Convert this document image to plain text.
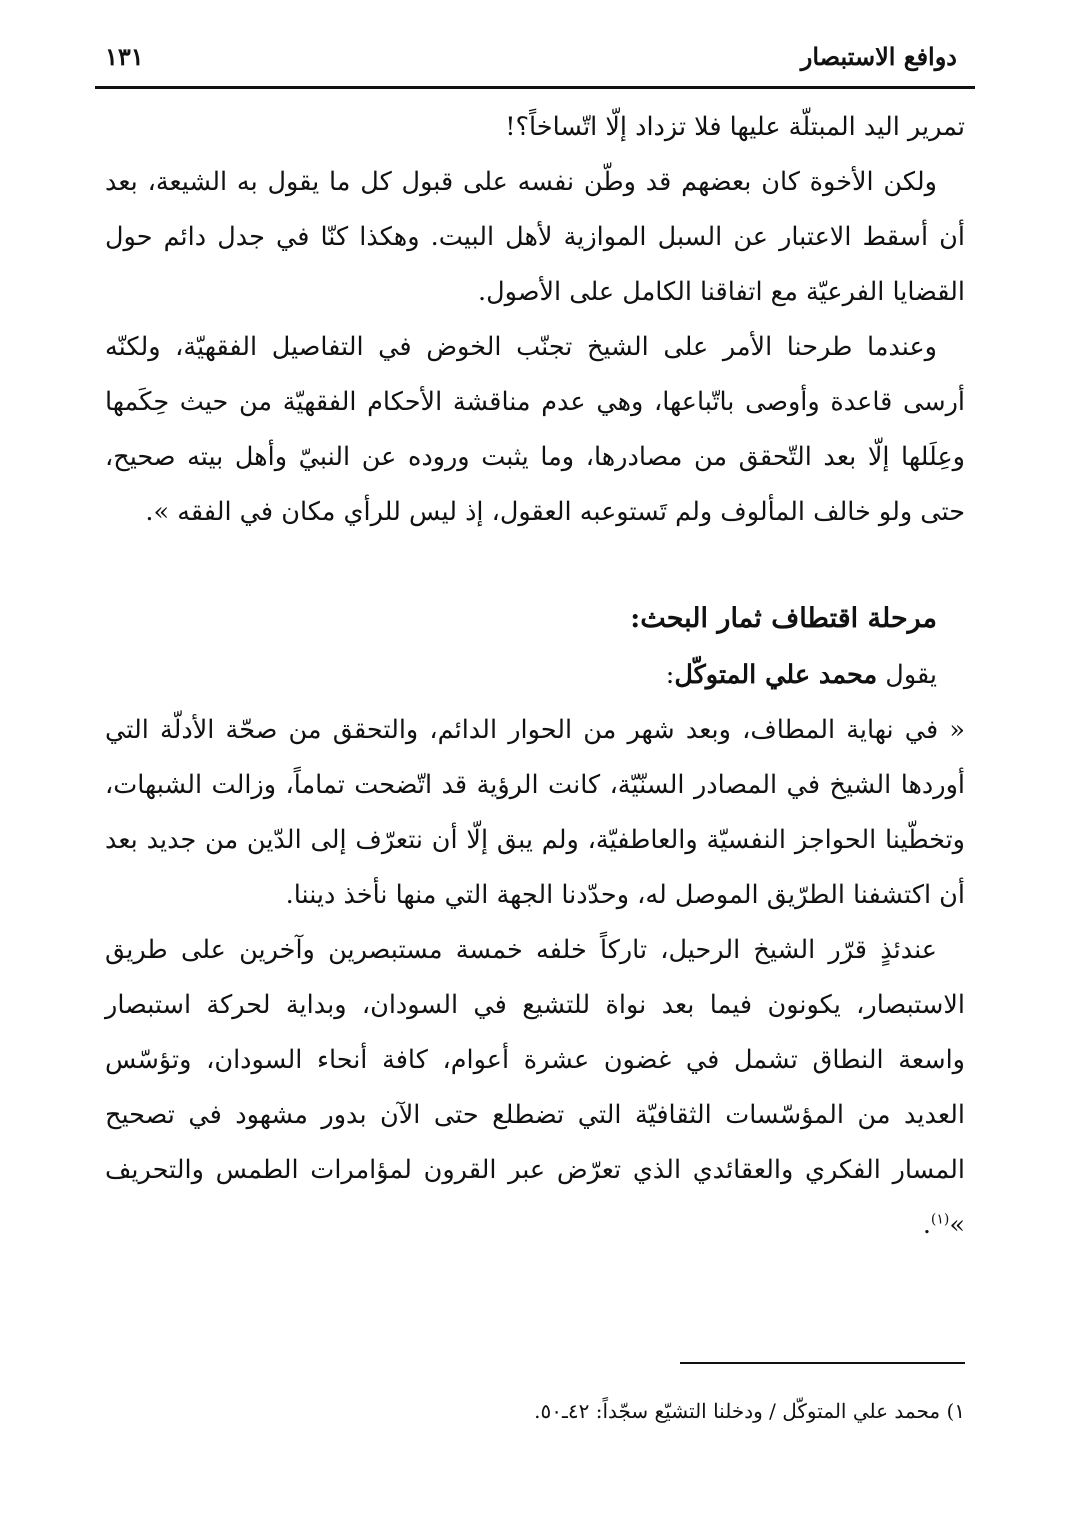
دوافع الاستبصار
١٣١

تمرير اليد المبتلّة عليها فلا تزداد إلّا اتّساخاً؟!

ولكن الأخوة كان بعضهم قد وطّن نفسه على قبول كل ما يقول به الشيعة، بعد أن أسقط الاعتبار عن السبل الموازية لأهل البيت. وهكذا كنّا في جدل دائم حول القضايا الفرعيّة مع اتفاقنا الكامل على الأصول.

وعندما طرحنا الأمر على الشيخ تجنّب الخوض في التفاصيل الفقهيّة، ولكنّه أرسى قاعدة وأوصى باتّباعها، وهي عدم مناقشة الأحكام الفقهيّة من حيث حِكَمها وعِلَلها إلّا بعد التّحقق من مصادرها، وما يثبت وروده عن النبيّ وأهل بيته صحيح، حتى ولو خالف المألوف ولم تَستوعبه العقول، إذ ليس للرأي مكان في الفقه ».

مرحلة اقتطاف ثمار البحث:

يقول محمد علي المتوكّل:

« في نهاية المطاف، وبعد شهر من الحوار الدائم، والتحقق من صحّة الأدلّة التي أوردها الشيخ في المصادر السنّيّة، كانت الرؤية قد اتّضحت تماماً، وزالت الشبهات، وتخطّينا الحواجز النفسيّة والعاطفيّة، ولم يبق إلّا أن نتعرّف إلى الدّين من جديد بعد أن اكتشفنا الطرّيق الموصل له، وحدّدنا الجهة التي منها نأخذ ديننا.

عندئذٍ قرّر الشيخ الرحيل، تاركاً خلفه خمسة مستبصرين وآخرين على طريق الاستبصار، يكونون فيما بعد نواة للتشيع في السودان، وبداية لحركة استبصار واسعة النطاق تشمل في غضون عشرة أعوام، كافة أنحاء السودان، وتؤسّس العديد من المؤسّسات الثقافيّة التي تضطلع حتى الآن بدور مشهود في تصحيح المسار الفكري والعقائدي الذي تعرّض عبر القرون لمؤامرات الطمس والتحريف »$^{(١)}$.

١) محمد علي المتوكّل / ودخلنا التشيّع سجّداً: ٤٢ـ٥٠.
